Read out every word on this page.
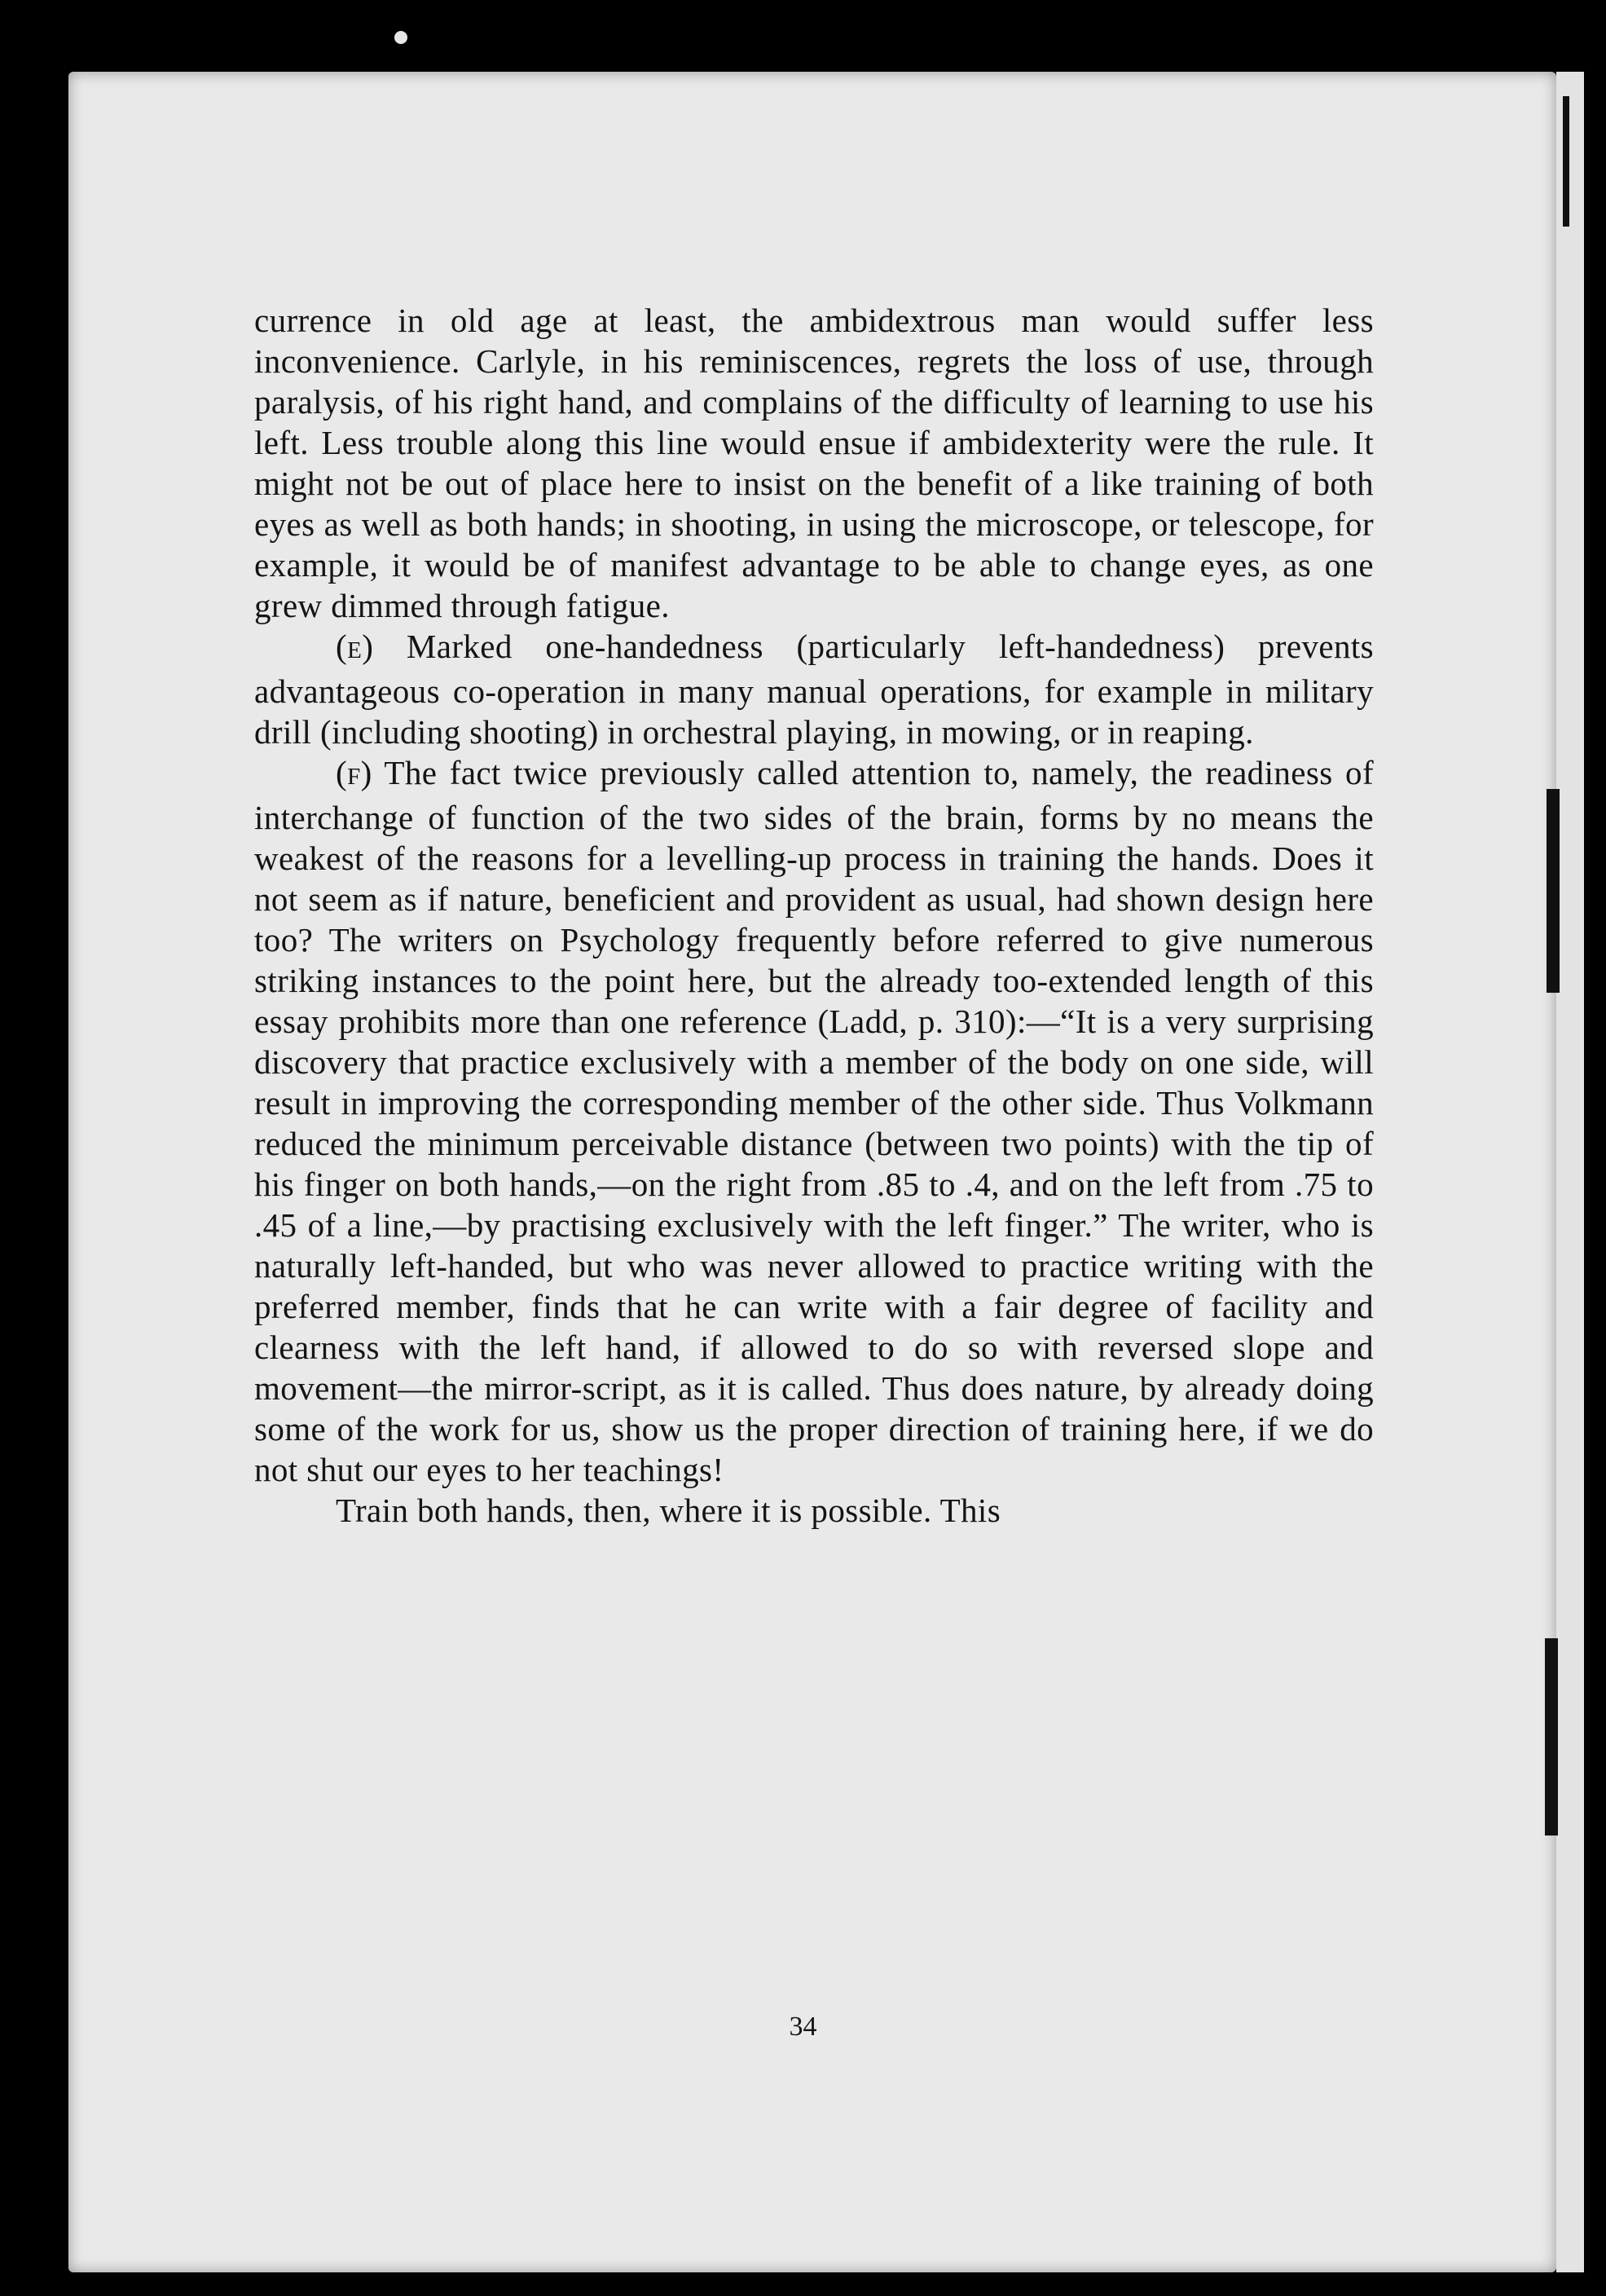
currence in old age at least, the ambidextrous man would suffer less inconvenience. Carlyle, in his reminiscences, regrets the loss of use, through paralysis, of his right hand, and complains of the difficulty of learning to use his left. Less trouble along this line would ensue if ambidexterity were the rule. It might not be out of place here to insist on the benefit of a like training of both eyes as well as both hands; in shooting, in using the microscope, or telescope, for example, it would be of manifest advantage to be able to change eyes, as one grew dimmed through fatigue.

(E) Marked one-handedness (particularly left-handedness) prevents advantageous co-operation in many manual operations, for example in military drill (including shooting) in orchestral playing, in mowing, or in reaping.

(F) The fact twice previously called attention to, namely, the readiness of interchange of function of the two sides of the brain, forms by no means the weakest of the reasons for a levelling-up process in training the hands. Does it not seem as if nature, beneficient and provident as usual, had shown design here too? The writers on Psychology frequently before referred to give numerous striking instances to the point here, but the already too-extended length of this essay prohibits more than one reference (Ladd, p. 310):—“It is a very surprising discovery that practice exclusively with a member of the body on one side, will result in improving the corresponding member of the other side. Thus Volkmann reduced the minimum perceivable distance (between two points) with the tip of his finger on both hands,—on the right from .85 to .4, and on the left from .75 to .45 of a line,—by practising exclusively with the left finger.” The writer, who is naturally left-handed, but who was never allowed to practice writing with the preferred member, finds that he can write with a fair degree of facility and clearness with the left hand, if allowed to do so with reversed slope and movement—the mirror-script, as it is called. Thus does nature, by already doing some of the work for us, show us the proper direction of training here, if we do not shut our eyes to her teachings!

Train both hands, then, where it is possible. This

34
